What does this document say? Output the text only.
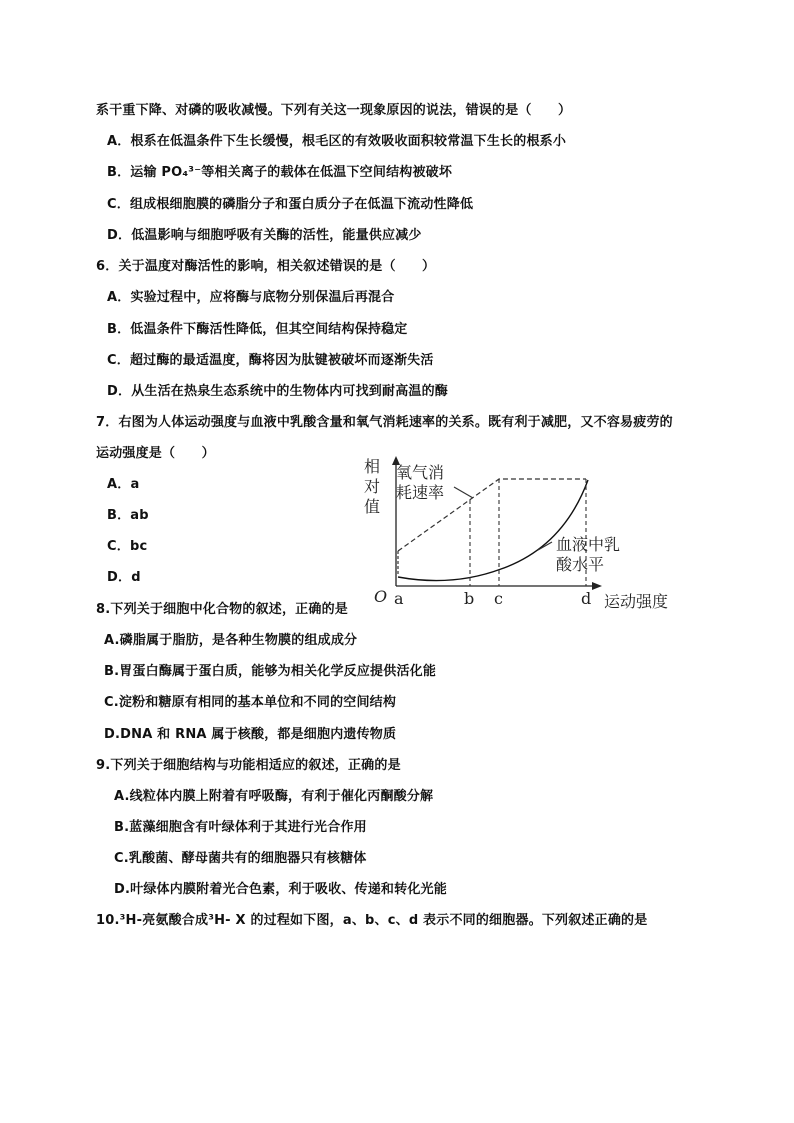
系干重下降、对磷的吸收减慢。下列有关这一现象原因的说法，错误的是（　　）
A．根系在低温条件下生长缓慢，根毛区的有效吸收面积较常温下生长的根系小
B．运输 PO₄³⁻等相关离子的载体在低温下空间结构被破坏
C．组成根细胞膜的磷脂分子和蛋白质分子在低温下流动性降低
D．低温影响与细胞呼吸有关酶的活性，能量供应减少
6．关于温度对酶活性的影响，相关叙述错误的是（　　）
A．实验过程中，应将酶与底物分别保温后再混合
B．低温条件下酶活性降低，但其空间结构保持稳定
C．超过酶的最适温度，酶将因为肽键被破坏而逐渐失活
D．从生活在热泉生态系统中的生物体内可找到耐高温的酶
7．右图为人体运动强度与血液中乳酸含量和氧气消耗速率的关系。既有利于减肥，又不容易疲劳的
运动强度是（　　）
A．a
B．ab
C．bc
D．d
8.下列关于细胞中化合物的叙述，正确的是
A.磷脂属于脂肪，是各种生物膜的组成成分
B.胃蛋白酶属于蛋白质，能够为相关化学反应提供活化能
C.淀粉和糖原有相同的基本单位和不同的空间结构
D.DNA 和 RNA 属于核酸，都是细胞内遗传物质
9.下列关于细胞结构与功能相适应的叙述，正确的是
A.线粒体内膜上附着有呼吸酶，有利于催化丙酮酸分解
B.蓝藻细胞含有叶绿体利于其进行光合作用
C.乳酸菌、酵母菌共有的细胞器只有核糖体
D.叶绿体内膜附着光合色素，利于吸收、传递和转化光能
10.³H-亮氨酸合成³H- X 的过程如下图，a、b、c、d 表示不同的细胞器。下列叙述正确的是
相
对
值
O	运动强度
氧气消
耗速率
血液中乳
酸水平
a	b c	d
